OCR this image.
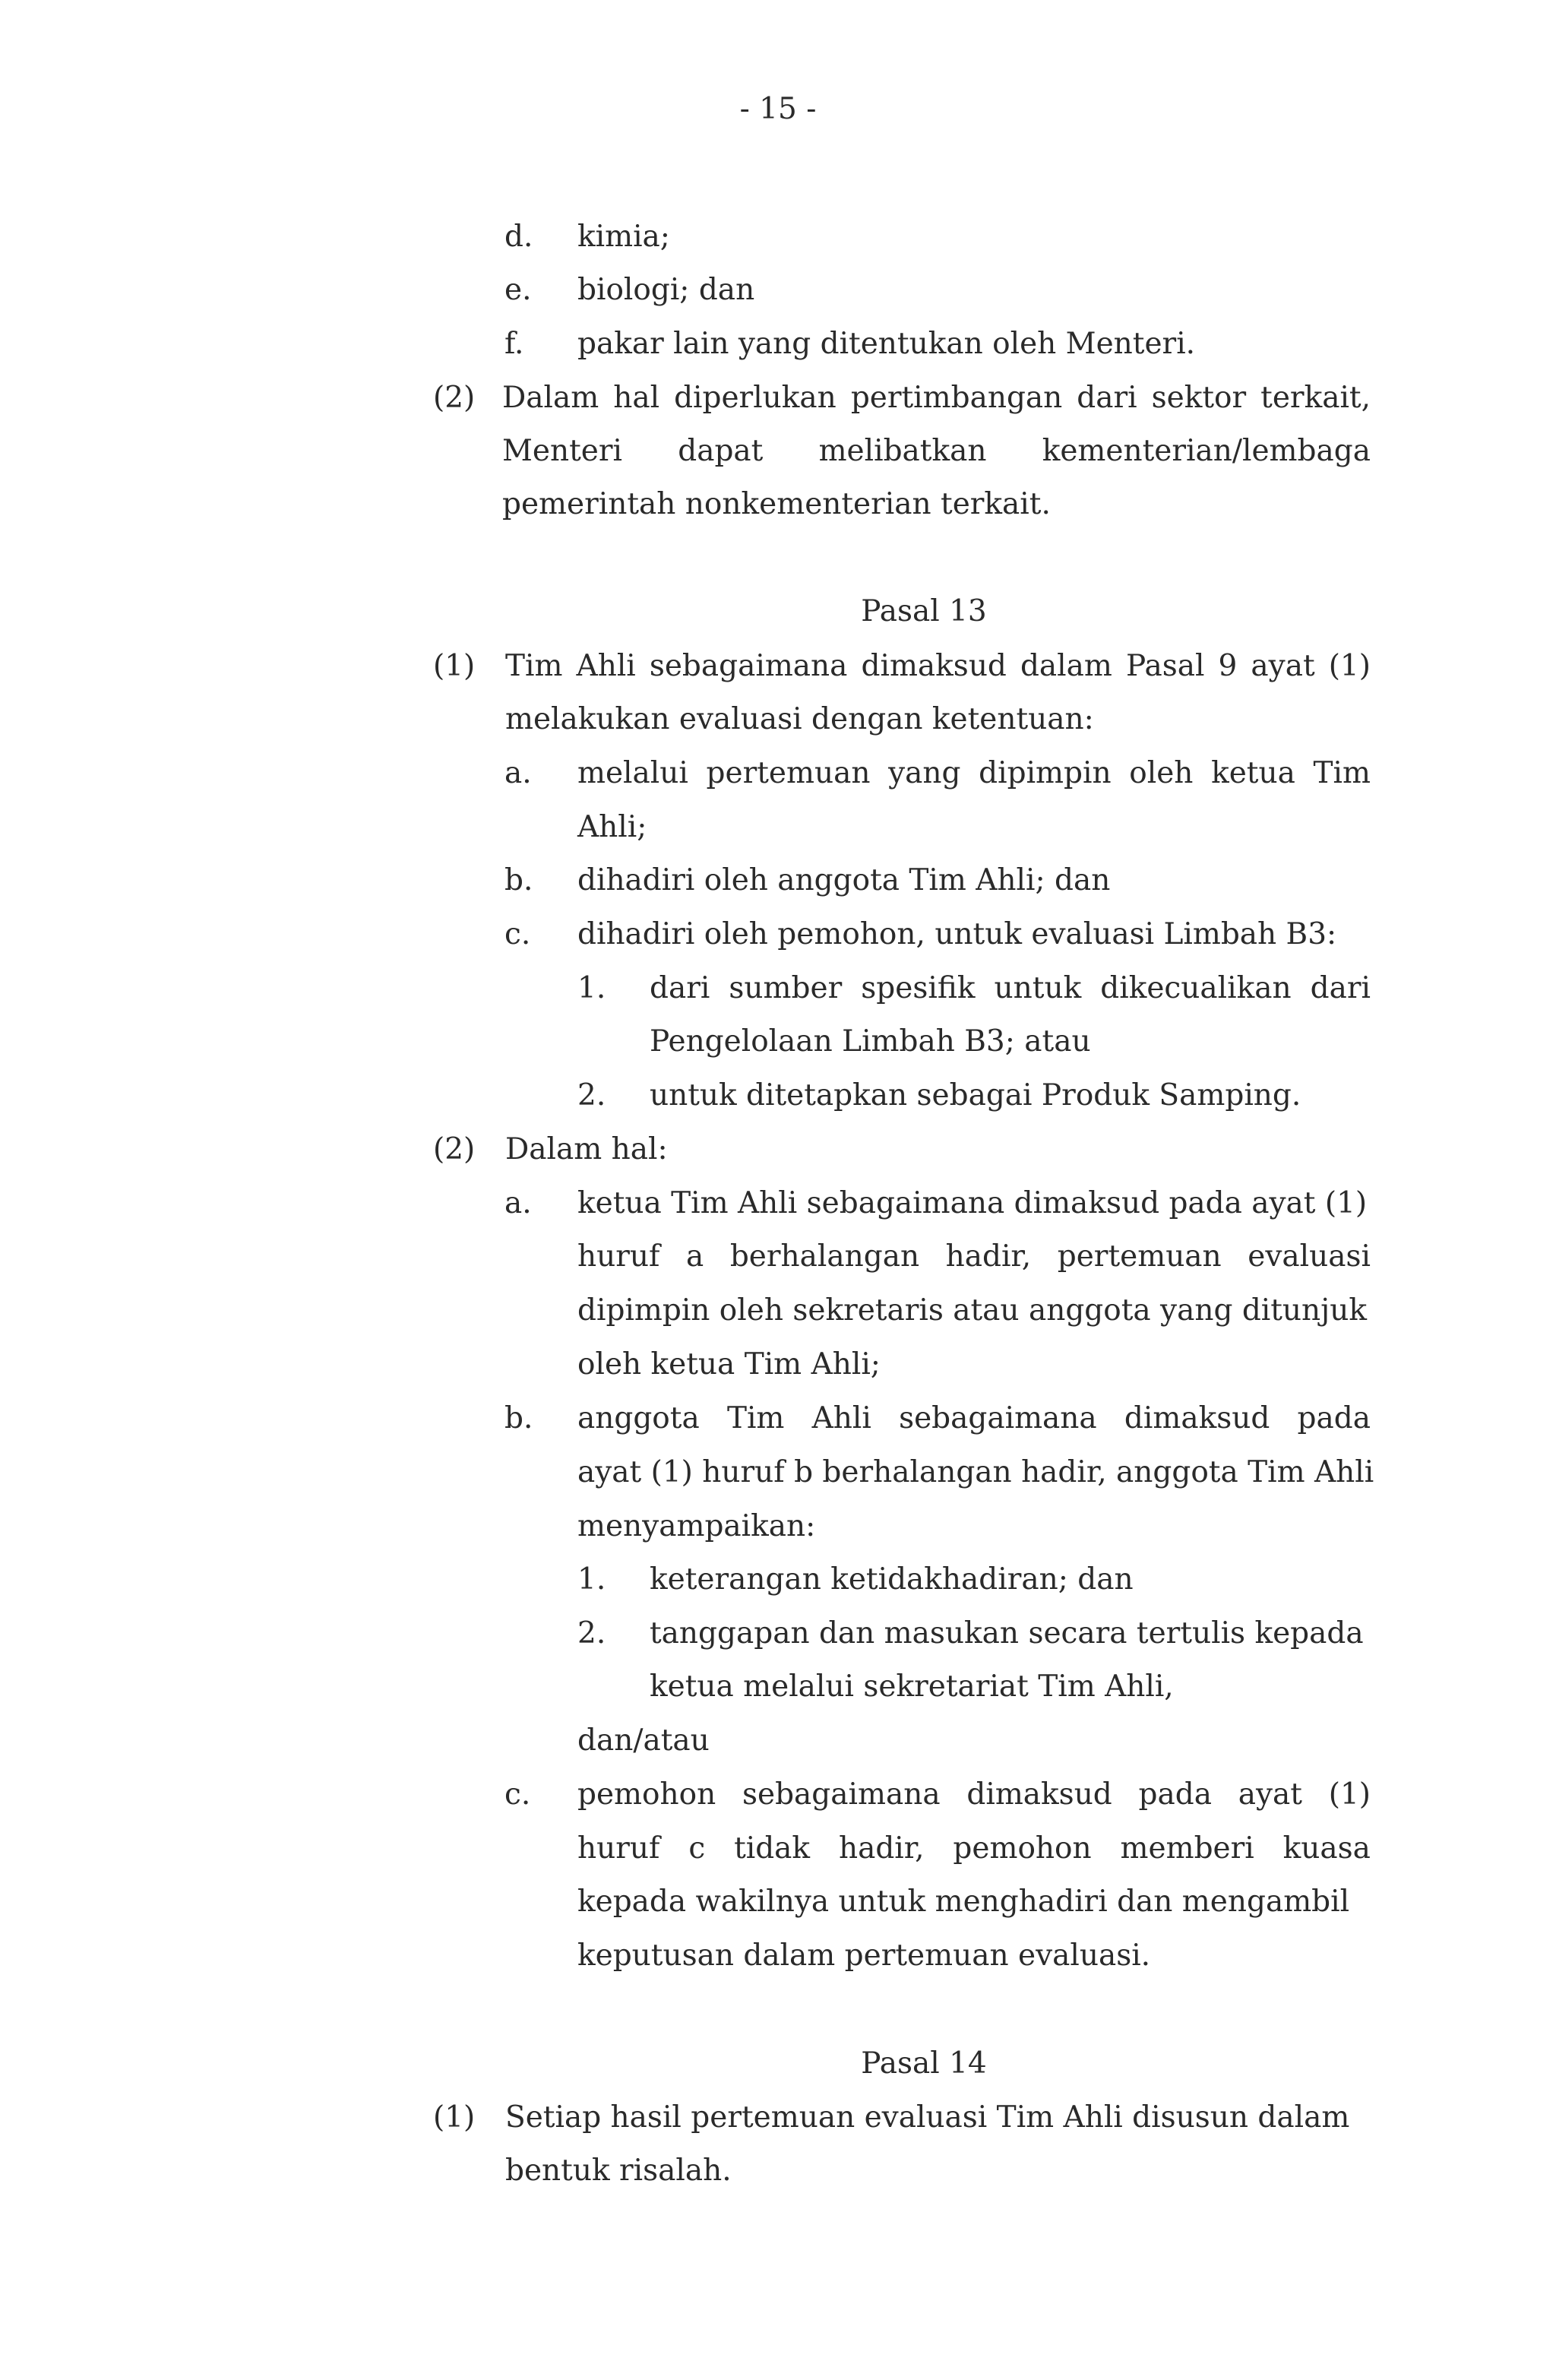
- 15 -
d. kimia;
e. biologi; dan
f. pakar lain yang ditentukan oleh Menteri.
(2) Dalam hal diperlukan pertimbangan dari sektor terkait,
Menteri dapat melibatkan kementerian/lembaga
pemerintah nonkementerian terkait.
Pasal 13
(1) Tim Ahli sebagaimana dimaksud dalam Pasal 9 ayat (1)
melakukan evaluasi dengan ketentuan:
a. melalui pertemuan yang dipimpin oleh ketua Tim
Ahli;
b. dihadiri oleh anggota Tim Ahli; dan
c. dihadiri oleh pemohon, untuk evaluasi Limbah B3:
1. dari sumber spesifik untuk dikecualikan dari
Pengelolaan Limbah B3; atau
2. untuk ditetapkan sebagai Produk Samping.
(2) Dalam hal:
a. ketua Tim Ahli sebagaimana dimaksud pada ayat (1)
huruf a berhalangan hadir, pertemuan evaluasi
dipimpin oleh sekretaris atau anggota yang ditunjuk
oleh ketua Tim Ahli;
b. anggota Tim Ahli sebagaimana dimaksud pada
ayat (1) huruf b berhalangan hadir, anggota Tim Ahli
menyampaikan:
1. keterangan ketidakhadiran; dan
2. tanggapan dan masukan secara tertulis kepada
ketua melalui sekretariat Tim Ahli,
dan/atau
c. pemohon sebagaimana dimaksud pada ayat (1)
huruf c tidak hadir, pemohon memberi kuasa
kepada wakilnya untuk menghadiri dan mengambil
keputusan dalam pertemuan evaluasi.
Pasal 14
(1) Setiap hasil pertemuan evaluasi Tim Ahli disusun dalam
bentuk risalah.
